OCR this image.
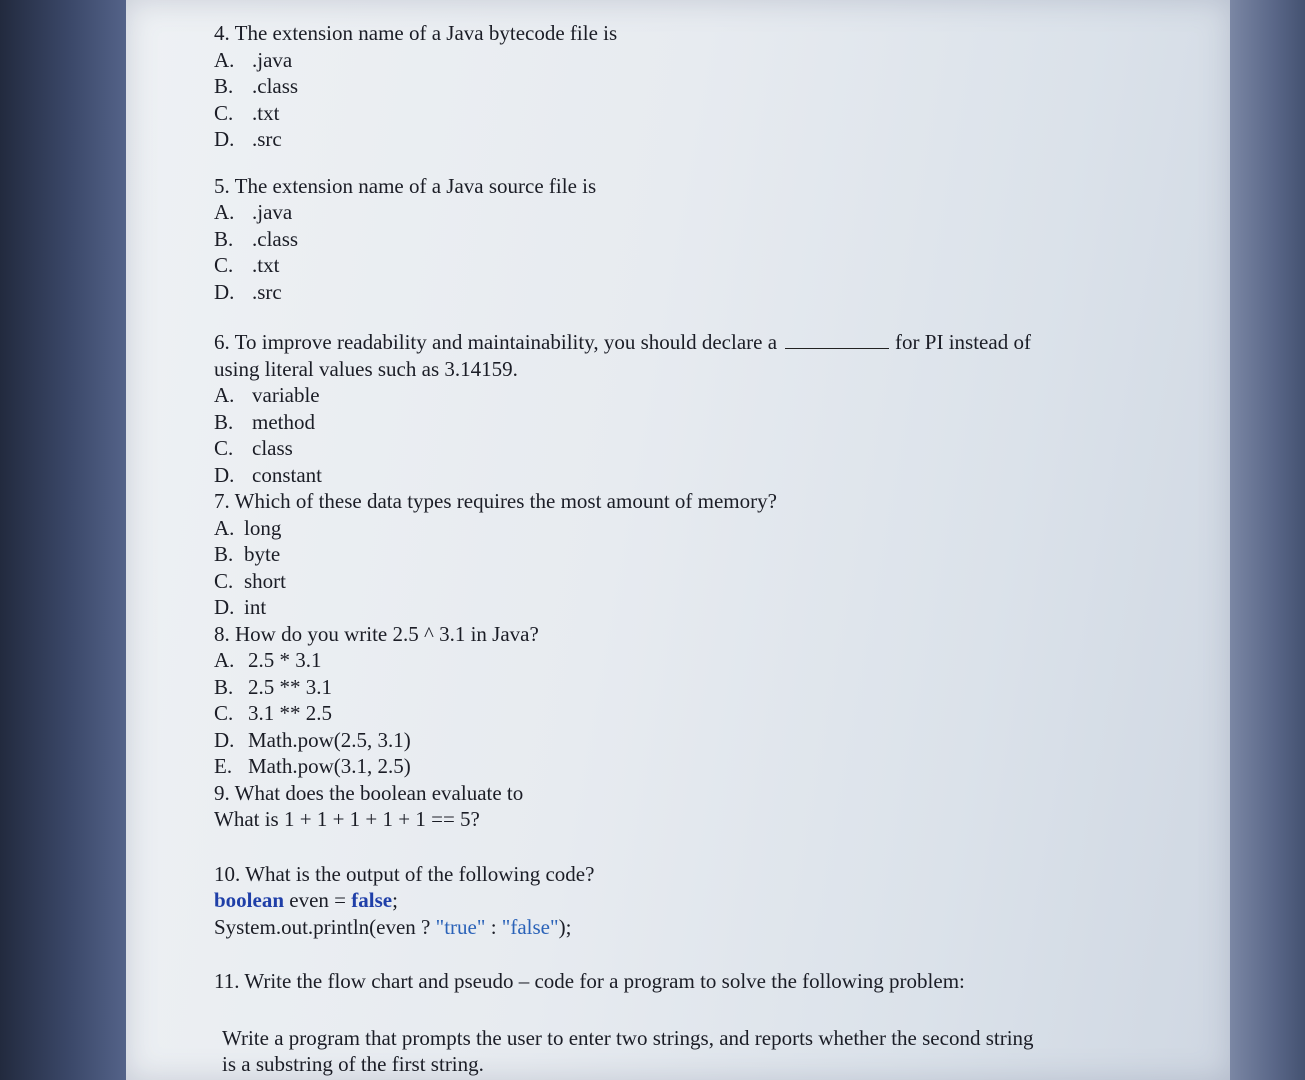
4. The extension name of a Java bytecode file is
A. .java
B. .class
C. .txt
D. .src
5. The extension name of a Java source file is
A. .java
B. .class
C. .txt
D. .src
6. To improve readability and maintainability, you should declare a	for PI instead of
using literal values such as 3.14159.
A. variable
B. method
C. class
D. constant
7. Which of these data types requires the most amount of memory?
A. long
B. byte
C. short
D. int
8. How do you write 2.5 ^ 3.1 in Java?
A. 2.5 * 3.1
B. 2.5 ** 3.1
C. 3.1 ** 2.5
D. Math.pow(2.5, 3.1)
E. Math.pow(3.1, 2.5)
9. What does the boolean evaluate to
What is 1 + 1 + 1 + 1 + 1 == 5?
10. What is the output of the following code?
boolean even = false;
System.out.println(even ? "true" : "false");
11. Write the flow chart and pseudo – code for a program to solve the following problem:
Write a program that prompts the user to enter two strings, and reports whether the second string
is a substring of the first string.
